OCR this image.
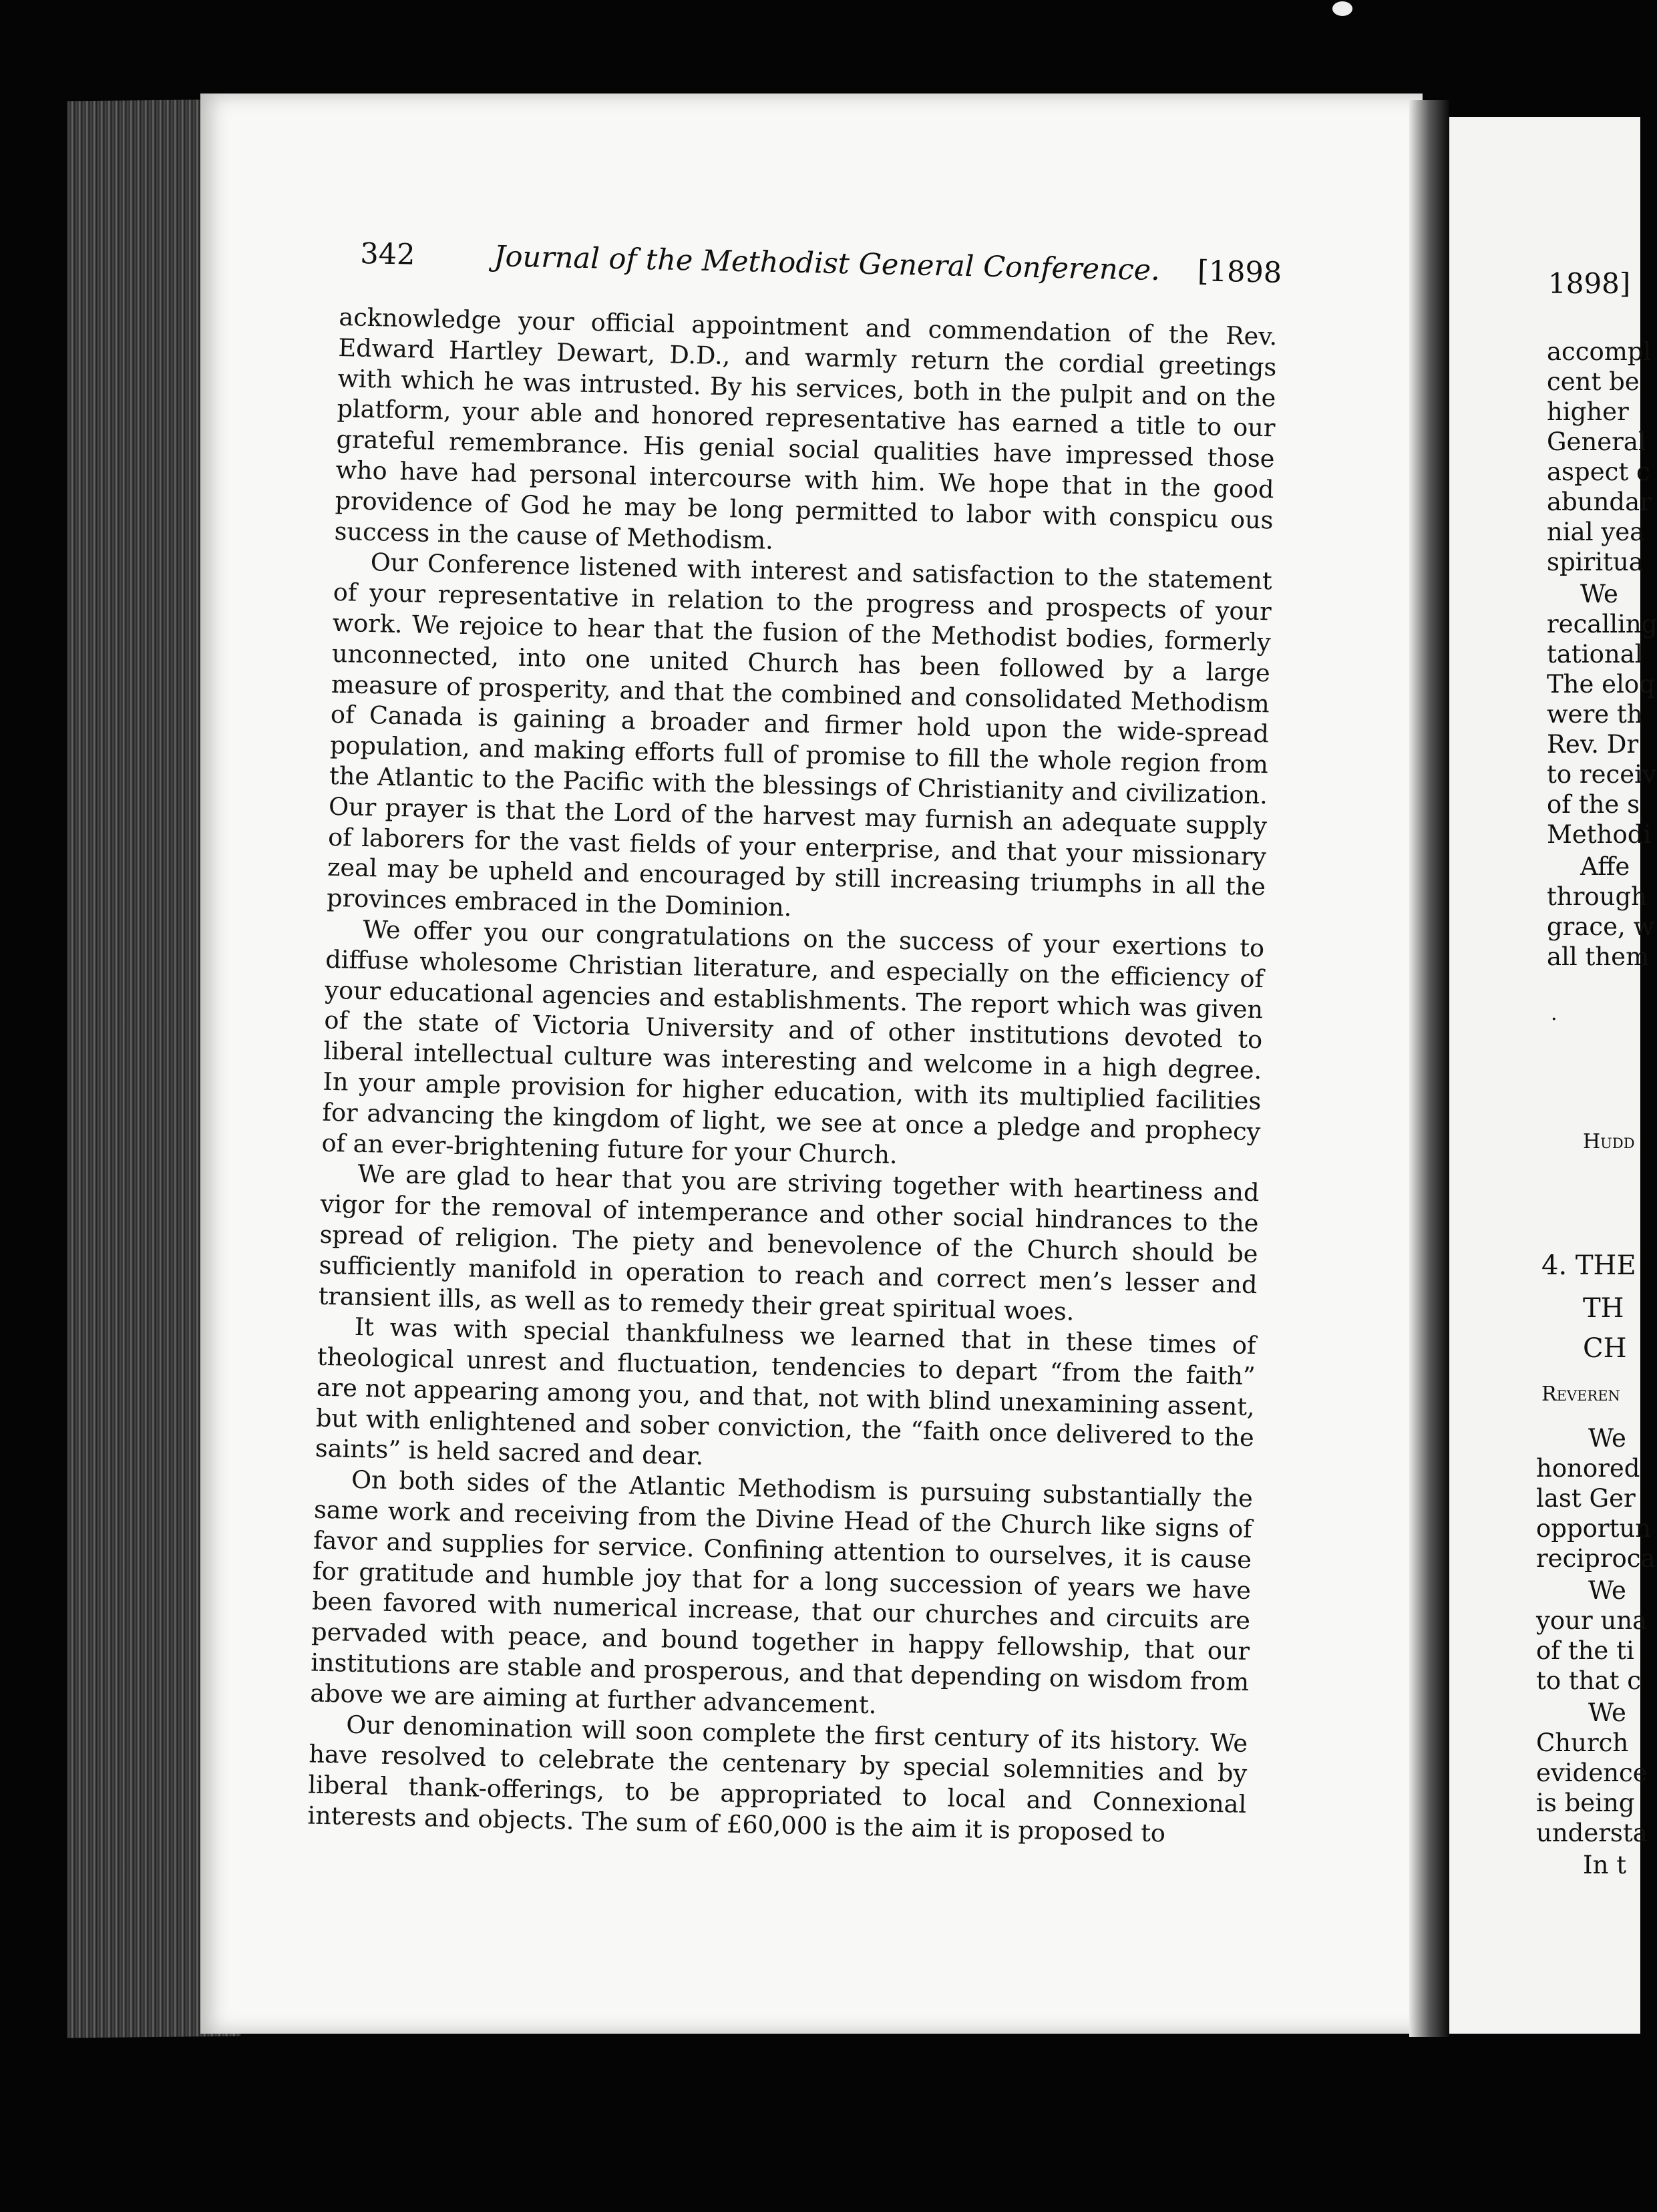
342	Journal of the Methodist General Conference. [1898

acknowledge your official appointment and commendation of the Rev. Edward Hartley Dewart, D.D., and warmly return the cordial greetings with which he was intrusted. By his services, both in the pulpit and on the platform, your able and honored representative has earned a title to our grateful remembrance. His genial social qualities have impressed those who have had personal intercourse with him. We hope that in the good providence of God he may be long permitted to labor with conspicu ous success in the cause of Methodism.

Our Conference listened with interest and satisfaction to the statement of your representative in relation to the progress and prospects of your work. We rejoice to hear that the fusion of the Methodist bodies, formerly unconnected, into one united Church has been followed by a large measure of prosperity, and that the combined and consolidated Methodism of Canada is gaining a broader and firmer hold upon the wide-spread population, and making efforts full of promise to fill the whole region from the Atlantic to the Pacific with the blessings of Christianity and civilization. Our prayer is that the Lord of the harvest may furnish an adequate supply of laborers for the vast fields of your enterprise, and that your missionary zeal may be upheld and encouraged by still increasing triumphs in all the provinces embraced in the Dominion.

We offer you our congratulations on the success of your exertions to diffuse wholesome Christian literature, and especially on the efficiency of your educational agencies and establishments. The report which was given of the state of Victoria University and of other institutions devoted to liberal intellectual culture was interesting and welcome in a high degree. In your ample provision for higher education, with its multiplied facilities for advancing the kingdom of light, we see at once a pledge and prophecy of an ever-brightening future for your Church.

We are glad to hear that you are striving together with heartiness and vigor for the removal of intemperance and other social hindrances to the spread of religion. The piety and benevolence of the Church should be sufficiently manifold in operation to reach and correct men’s lesser and transient ills, as well as to remedy their great spiritual woes.

It was with special thankfulness we learned that in these times of theological unrest and fluctuation, tendencies to depart “from the faith” are not appearing among you, and that, not with blind unexamining assent, but with enlightened and sober conviction, the “faith once delivered to the saints” is held sacred and dear.

On both sides of the Atlantic Methodism is pursuing substantially the same work and receiving from the Divine Head of the Church like signs of favor and supplies for service. Confining attention to ourselves, it is cause for gratitude and humble joy that for a long succession of years we have been favored with numerical increase, that our churches and circuits are pervaded with peace, and bound together in happy fellowship, that our institutions are stable and prosperous, and that depending on wisdom from above we are aiming at further advancement.

Our denomination will soon complete the first century of its history. We have resolved to celebrate the centenary by special solemnities and by liberal thank-offerings, to be appropriated to local and Connexional interests and objects. The sum of £60,000 is the aim it is proposed to

1898]
accompl
cent be
higher
General
aspect c
abundar
nial yea
spiritua
We
recalling
tational
The eloq
were th
Rev. Dr
to receiv
of the s
Methodi
Affe
through
grace, w
all them
.
Hudd
4. THE
TH
CH
Reveren
We
honored
last Ger
opportun
reciproca
We
your una
of the ti
to that c
We
Church
evidence
is being
understa
In t
